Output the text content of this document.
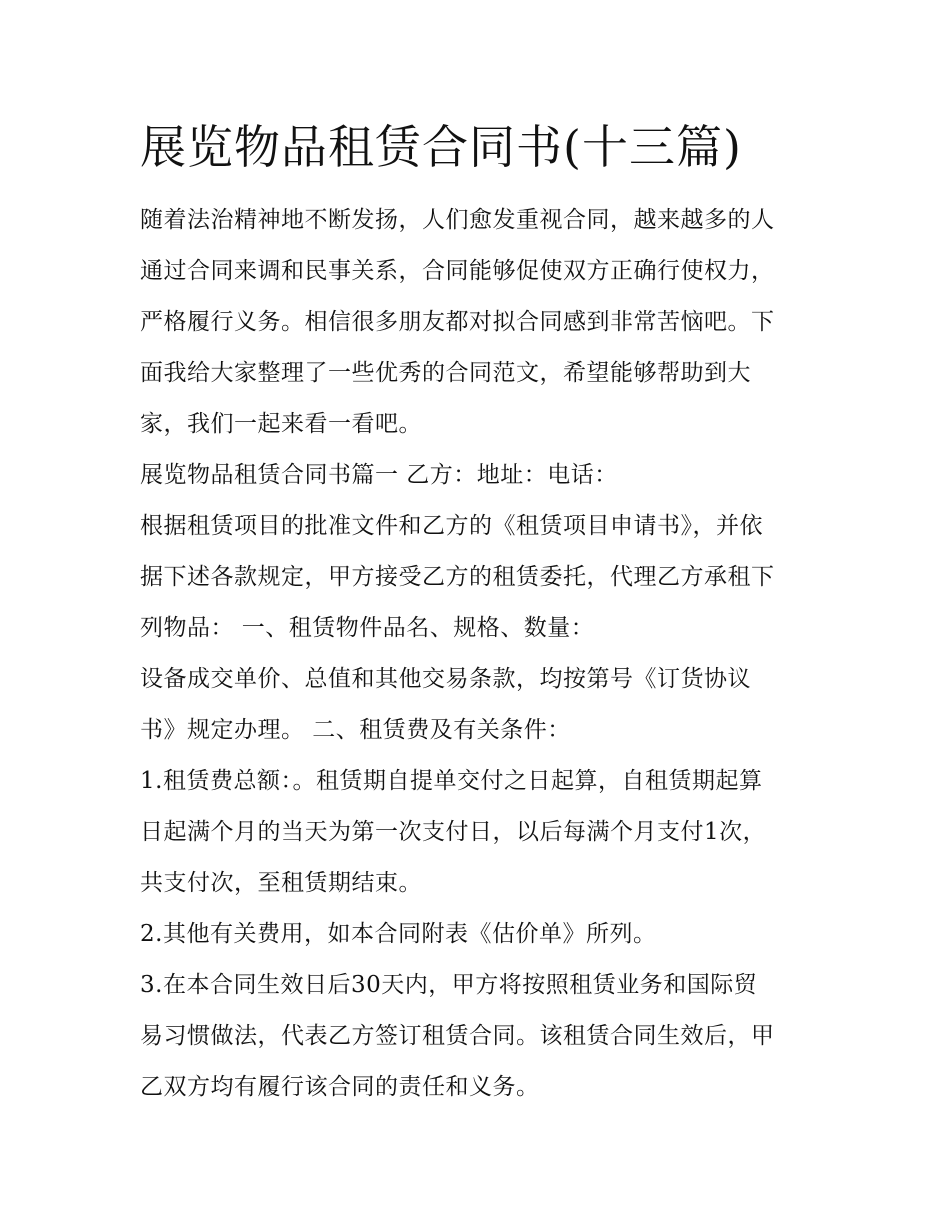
展览物品租赁合同书(十三篇)

随着法治精神地不断发扬，人们愈发重视合同，越来越多的人

通过合同来调和民事关系，合同能够促使双方正确行使权力，

严格履行义务。相信很多朋友都对拟合同感到非常苦恼吧。下

面我给大家整理了一些优秀的合同范文，希望能够帮助到大

家，我们一起来看一看吧。

展览物品租赁合同书篇一 乙方：地址：电话：

根据租赁项目的批准文件和乙方的《租赁项目申请书》，并依

据下述各款规定，甲方接受乙方的租赁委托，代理乙方承租下

列物品： 一、租赁物件品名、规格、数量：

设备成交单价、总值和其他交易条款，均按第号《订货协议

书》规定办理。 二、租赁费及有关条件：

1.租赁费总额：。租赁期自提单交付之日起算，自租赁期起算

日起满个月的当天为第一次支付日，以后每满个月支付1次，

共支付次，至租赁期结束。

2.其他有关费用，如本合同附表《估价单》所列。

3.在本合同生效日后30天内，甲方将按照租赁业务和国际贸

易习惯做法，代表乙方签订租赁合同。该租赁合同生效后，甲

乙双方均有履行该合同的责任和义务。
